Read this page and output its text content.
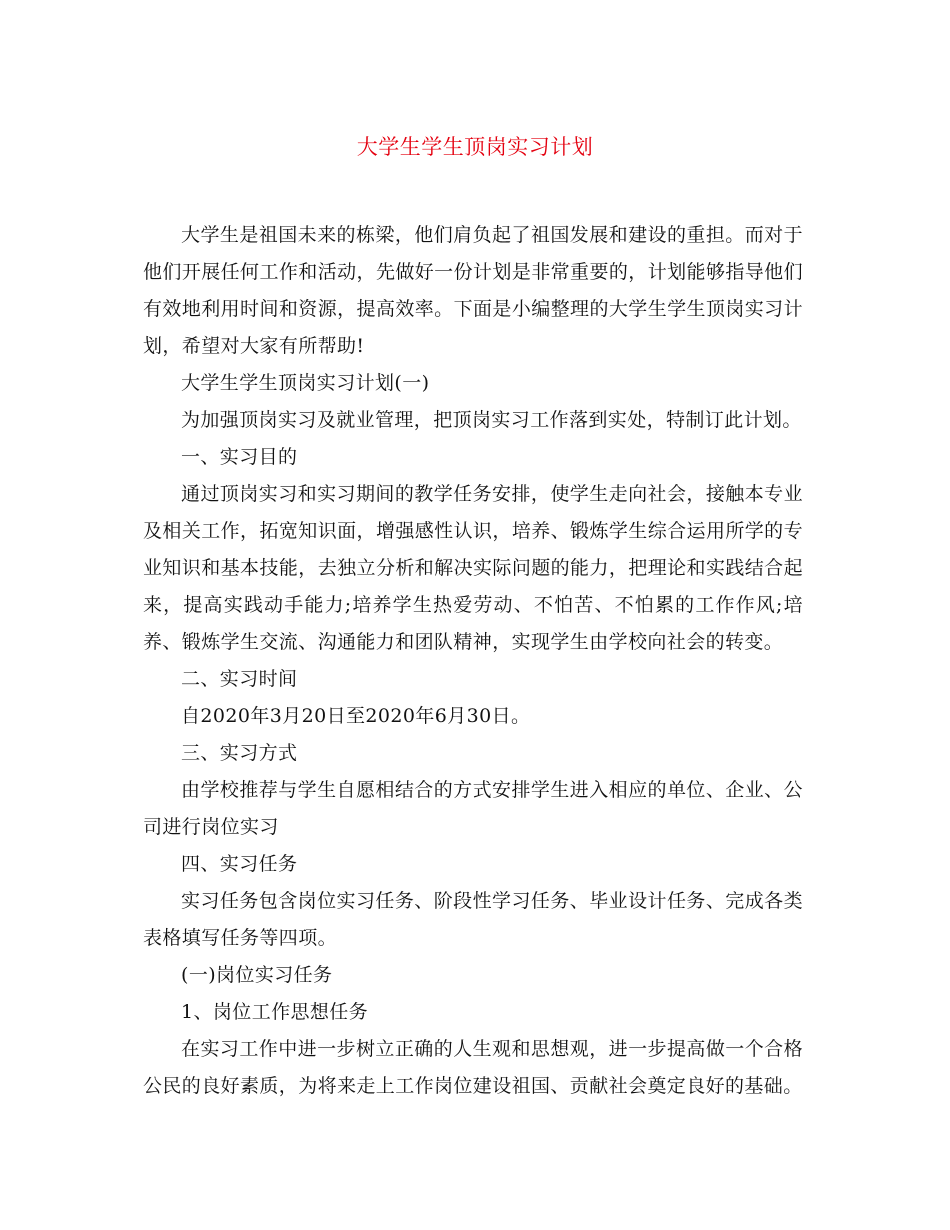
大学生学生顶岗实习计划

大学生是祖国未来的栋梁，他们肩负起了祖国发展和建设的重担。而对于他们开展任何工作和活动，先做好一份计划是非常重要的，计划能够指导他们有效地利用时间和资源，提高效率。下面是小编整理的大学生学生顶岗实习计划，希望对大家有所帮助!

大学生学生顶岗实习计划(一)

为加强顶岗实习及就业管理，把顶岗实习工作落到实处，特制订此计划。

一、实习目的

通过顶岗实习和实习期间的教学任务安排，使学生走向社会，接触本专业及相关工作，拓宽知识面，增强感性认识，培养、锻炼学生综合运用所学的专业知识和基本技能，去独立分析和解决实际问题的能力，把理论和实践结合起来，提高实践动手能力;培养学生热爱劳动、不怕苦、不怕累的工作作风;培养、锻炼学生交流、沟通能力和团队精神，实现学生由学校向社会的转变。

二、实习时间

自2020年3月20日至2020年6月30日。

三、实习方式

由学校推荐与学生自愿相结合的方式安排学生进入相应的单位、企业、公司进行岗位实习

四、实习任务

实习任务包含岗位实习任务、阶段性学习任务、毕业设计任务、完成各类表格填写任务等四项。

(一)岗位实习任务

1、岗位工作思想任务

在实习工作中进一步树立正确的人生观和思想观，进一步提高做一个合格公民的良好素质，为将来走上工作岗位建设祖国、贡献社会奠定良好的基础。
